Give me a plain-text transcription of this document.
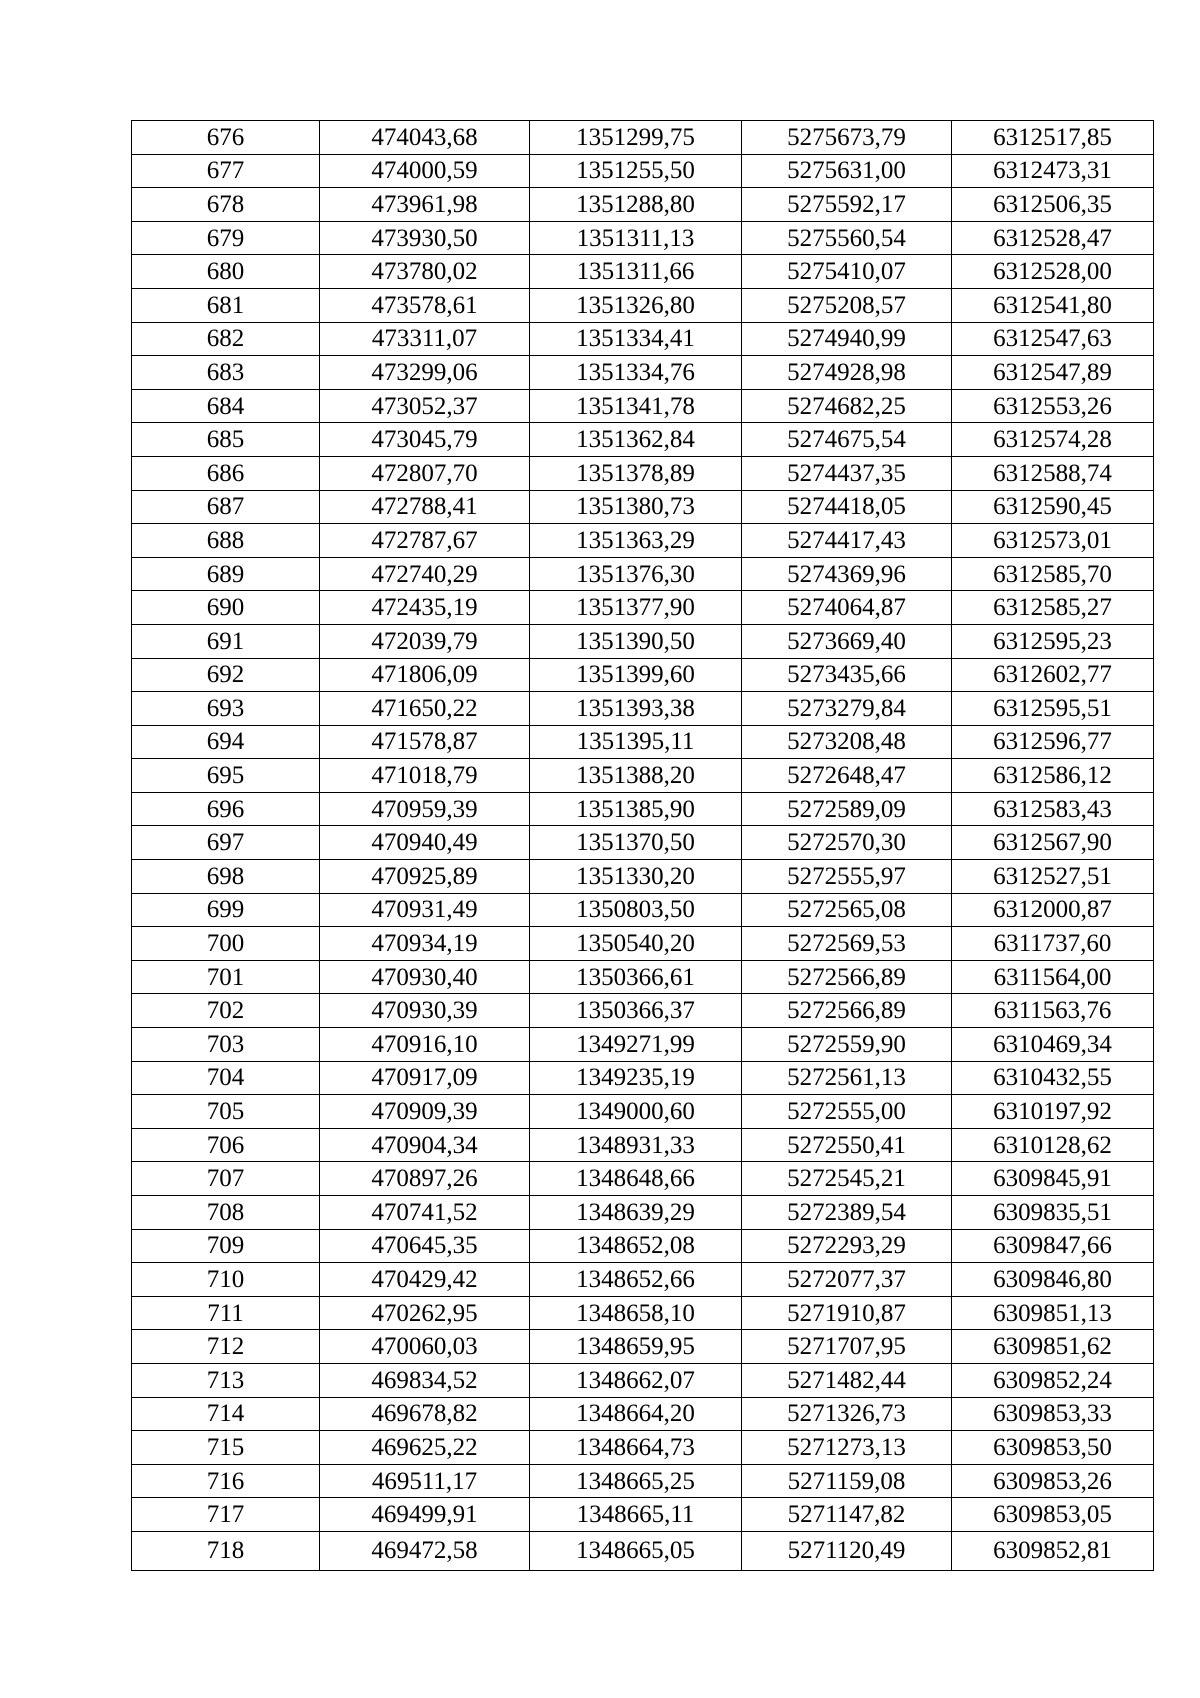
676	474043,68	1351299,75	5275673,79	6312517,85
677	474000,59	1351255,50	5275631,00	6312473,31
678	473961,98	1351288,80	5275592,17	6312506,35
679	473930,50	1351311,13	5275560,54	6312528,47
680	473780,02	1351311,66	5275410,07	6312528,00
681	473578,61	1351326,80	5275208,57	6312541,80
682	473311,07	1351334,41	5274940,99	6312547,63
683	473299,06	1351334,76	5274928,98	6312547,89
684	473052,37	1351341,78	5274682,25	6312553,26
685	473045,79	1351362,84	5274675,54	6312574,28
686	472807,70	1351378,89	5274437,35	6312588,74
687	472788,41	1351380,73	5274418,05	6312590,45
688	472787,67	1351363,29	5274417,43	6312573,01
689	472740,29	1351376,30	5274369,96	6312585,70
690	472435,19	1351377,90	5274064,87	6312585,27
691	472039,79	1351390,50	5273669,40	6312595,23
692	471806,09	1351399,60	5273435,66	6312602,77
693	471650,22	1351393,38	5273279,84	6312595,51
694	471578,87	1351395,11	5273208,48	6312596,77
695	471018,79	1351388,20	5272648,47	6312586,12
696	470959,39	1351385,90	5272589,09	6312583,43
697	470940,49	1351370,50	5272570,30	6312567,90
698	470925,89	1351330,20	5272555,97	6312527,51
699	470931,49	1350803,50	5272565,08	6312000,87
700	470934,19	1350540,20	5272569,53	6311737,60
701	470930,40	1350366,61	5272566,89	6311564,00
702	470930,39	1350366,37	5272566,89	6311563,76
703	470916,10	1349271,99	5272559,90	6310469,34
704	470917,09	1349235,19	5272561,13	6310432,55
705	470909,39	1349000,60	5272555,00	6310197,92
706	470904,34	1348931,33	5272550,41	6310128,62
707	470897,26	1348648,66	5272545,21	6309845,91
708	470741,52	1348639,29	5272389,54	6309835,51
709	470645,35	1348652,08	5272293,29	6309847,66
710	470429,42	1348652,66	5272077,37	6309846,80
711	470262,95	1348658,10	5271910,87	6309851,13
712	470060,03	1348659,95	5271707,95	6309851,62
713	469834,52	1348662,07	5271482,44	6309852,24
714	469678,82	1348664,20	5271326,73	6309853,33
715	469625,22	1348664,73	5271273,13	6309853,50
716	469511,17	1348665,25	5271159,08	6309853,26
717	469499,91	1348665,11	5271147,82	6309853,05
718	469472,58	1348665,05	5271120,49	6309852,81
